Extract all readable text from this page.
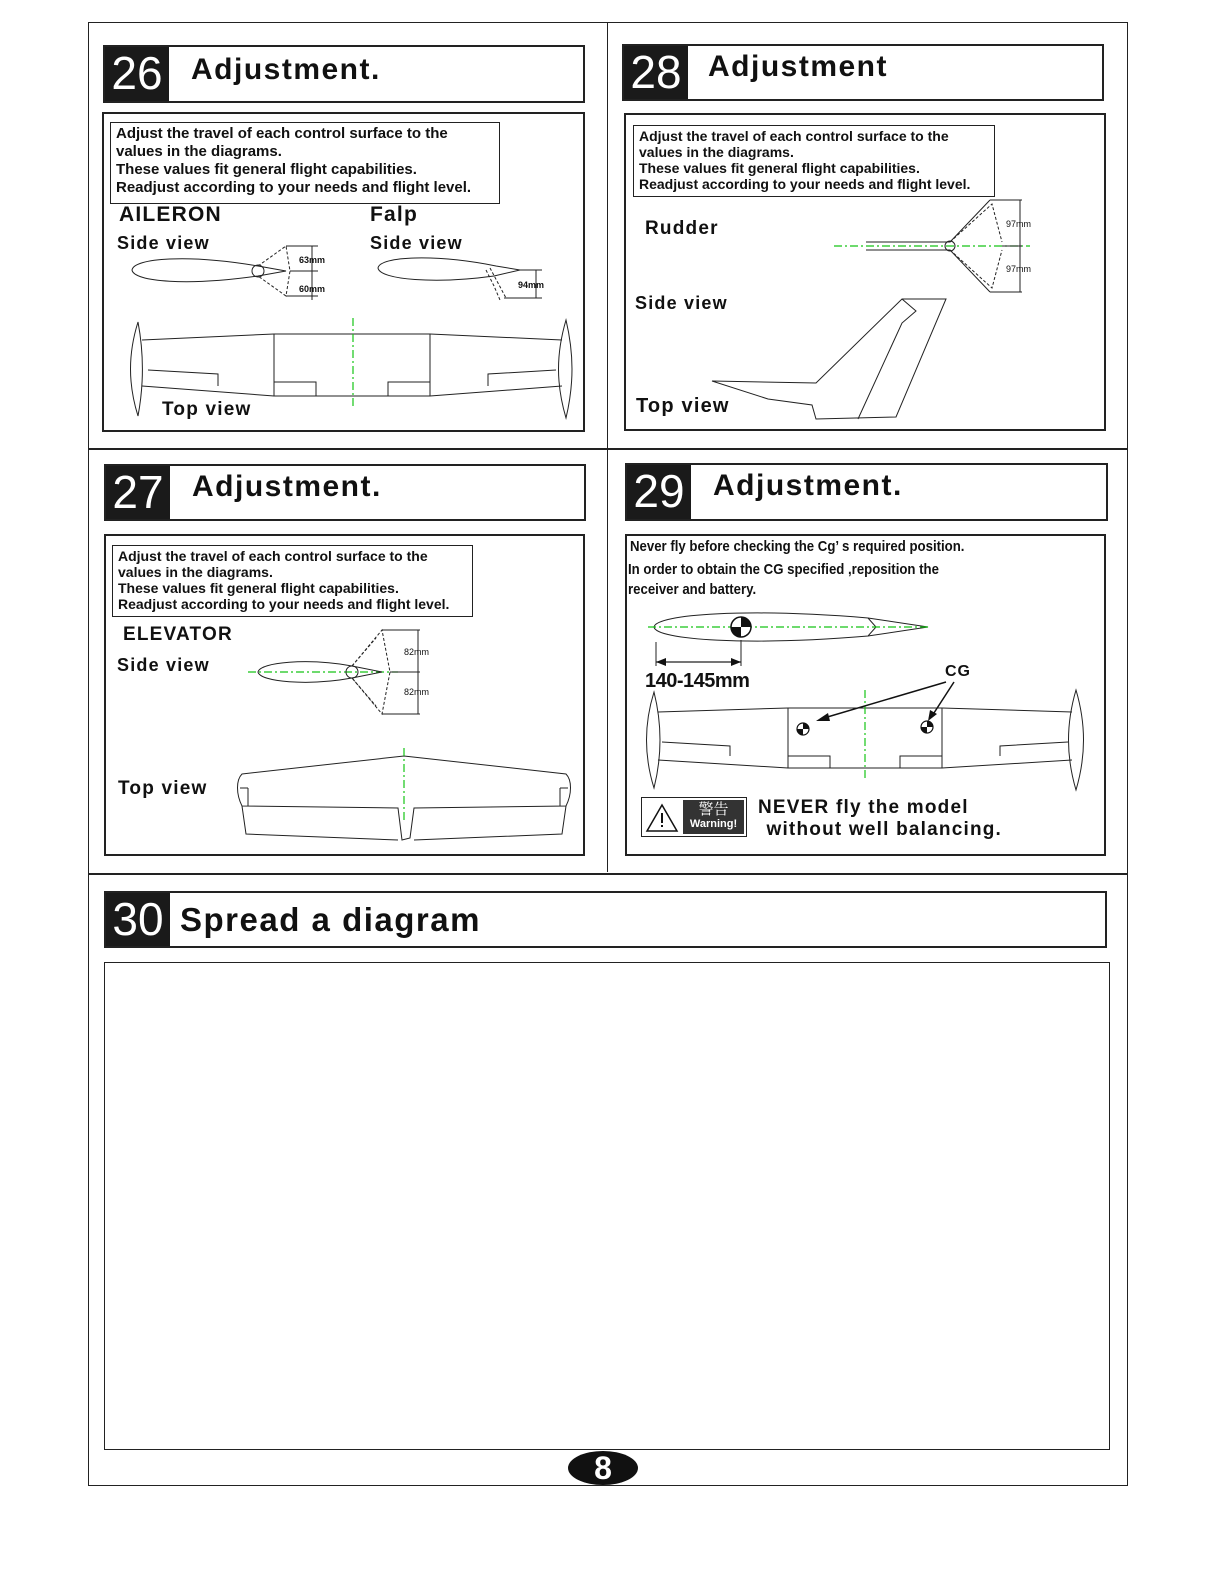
26 Adjustment.
Adjust the travel of each control surface to the
values in the diagrams.
These values fit general flight capabilities.
Readjust according to your needs and flight level.
AILERON	Falp
Side view	Side view
Top view
63mm
60mm	94mm
28 Adjustment
Adjust the travel of each control surface to the
values in the diagrams.
These values fit general flight capabilities.
Readjust according to your needs and flight level.
Rudder
Side view
Top view
97mm
97mm
27 Adjustment.
Adjust the travel of each control surface to the
values in the diagrams.
These values fit general flight capabilities.
Readjust according to your needs and flight level.
ELEVATOR
Side view
Top view
82mm
82mm
29 Adjustment.
Never fly before checking the Cg’ s required position.
In order to obtain the CG specified ,reposition the
receiver and battery.
140-145mm	CG
警告
Warning!
NEVER fly the model
without well balancing.
30 Spread a diagram
8
